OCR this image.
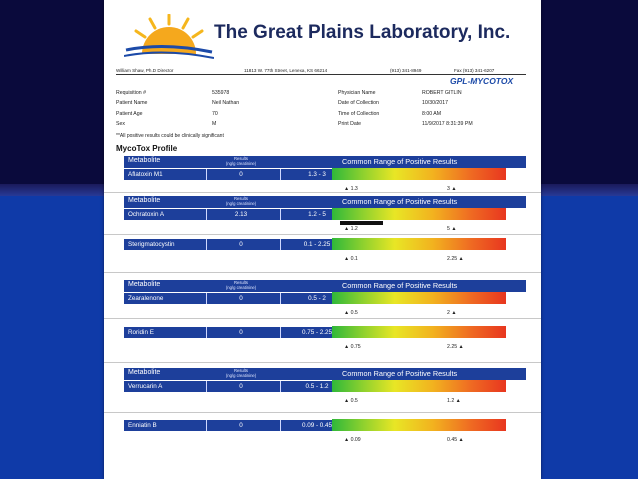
The Great Plains Laboratory, Inc.
William Shaw, Ph.D Director	11813 W. 77th Street, Lenexa, KS 66214	(913) 341-8949	Fax (913) 341-6207
GPL-MYCOTOX
Requisition #	535978
Patient Name	Neil Nathan
Patient Age	70
Sex	M
Physician Name	ROBERT GITLIN
Date of Collection	10/30/2017
Time of Collection	8:00 AM
Print Date	11/9/2017 8:31:39 PM
**All positive results could be clinically significant
MycoTox Profile
Metabolite	Results
(ng/g creatinine)	Common Range of Positive Results
Aflatoxin M1	0	1.3 - 3
▲ 1.3	3 ▲
Metabolite	Results
(ng/g creatinine)	Common Range of Positive Results
Ochratoxin A	2.13	1.2 - 5
▲ 1.2	5 ▲
Sterigmatocystin	0	0.1 - 2.25
▲ 0.1	2.25 ▲
Metabolite	Results
(ng/g creatinine)	Common Range of Positive Results
Zearalenone	0	0.5 - 2
▲ 0.5	2 ▲
Roridin E	0	0.75 - 2.25
▲ 0.75	2.25 ▲
Metabolite	Results
(ng/g creatinine)	Common Range of Positive Results
Verrucarin A	0	0.5 - 1.2
▲ 0.5	1.2 ▲
Enniatin B	0	0.09 - 0.45
▲ 0.09	0.45 ▲
